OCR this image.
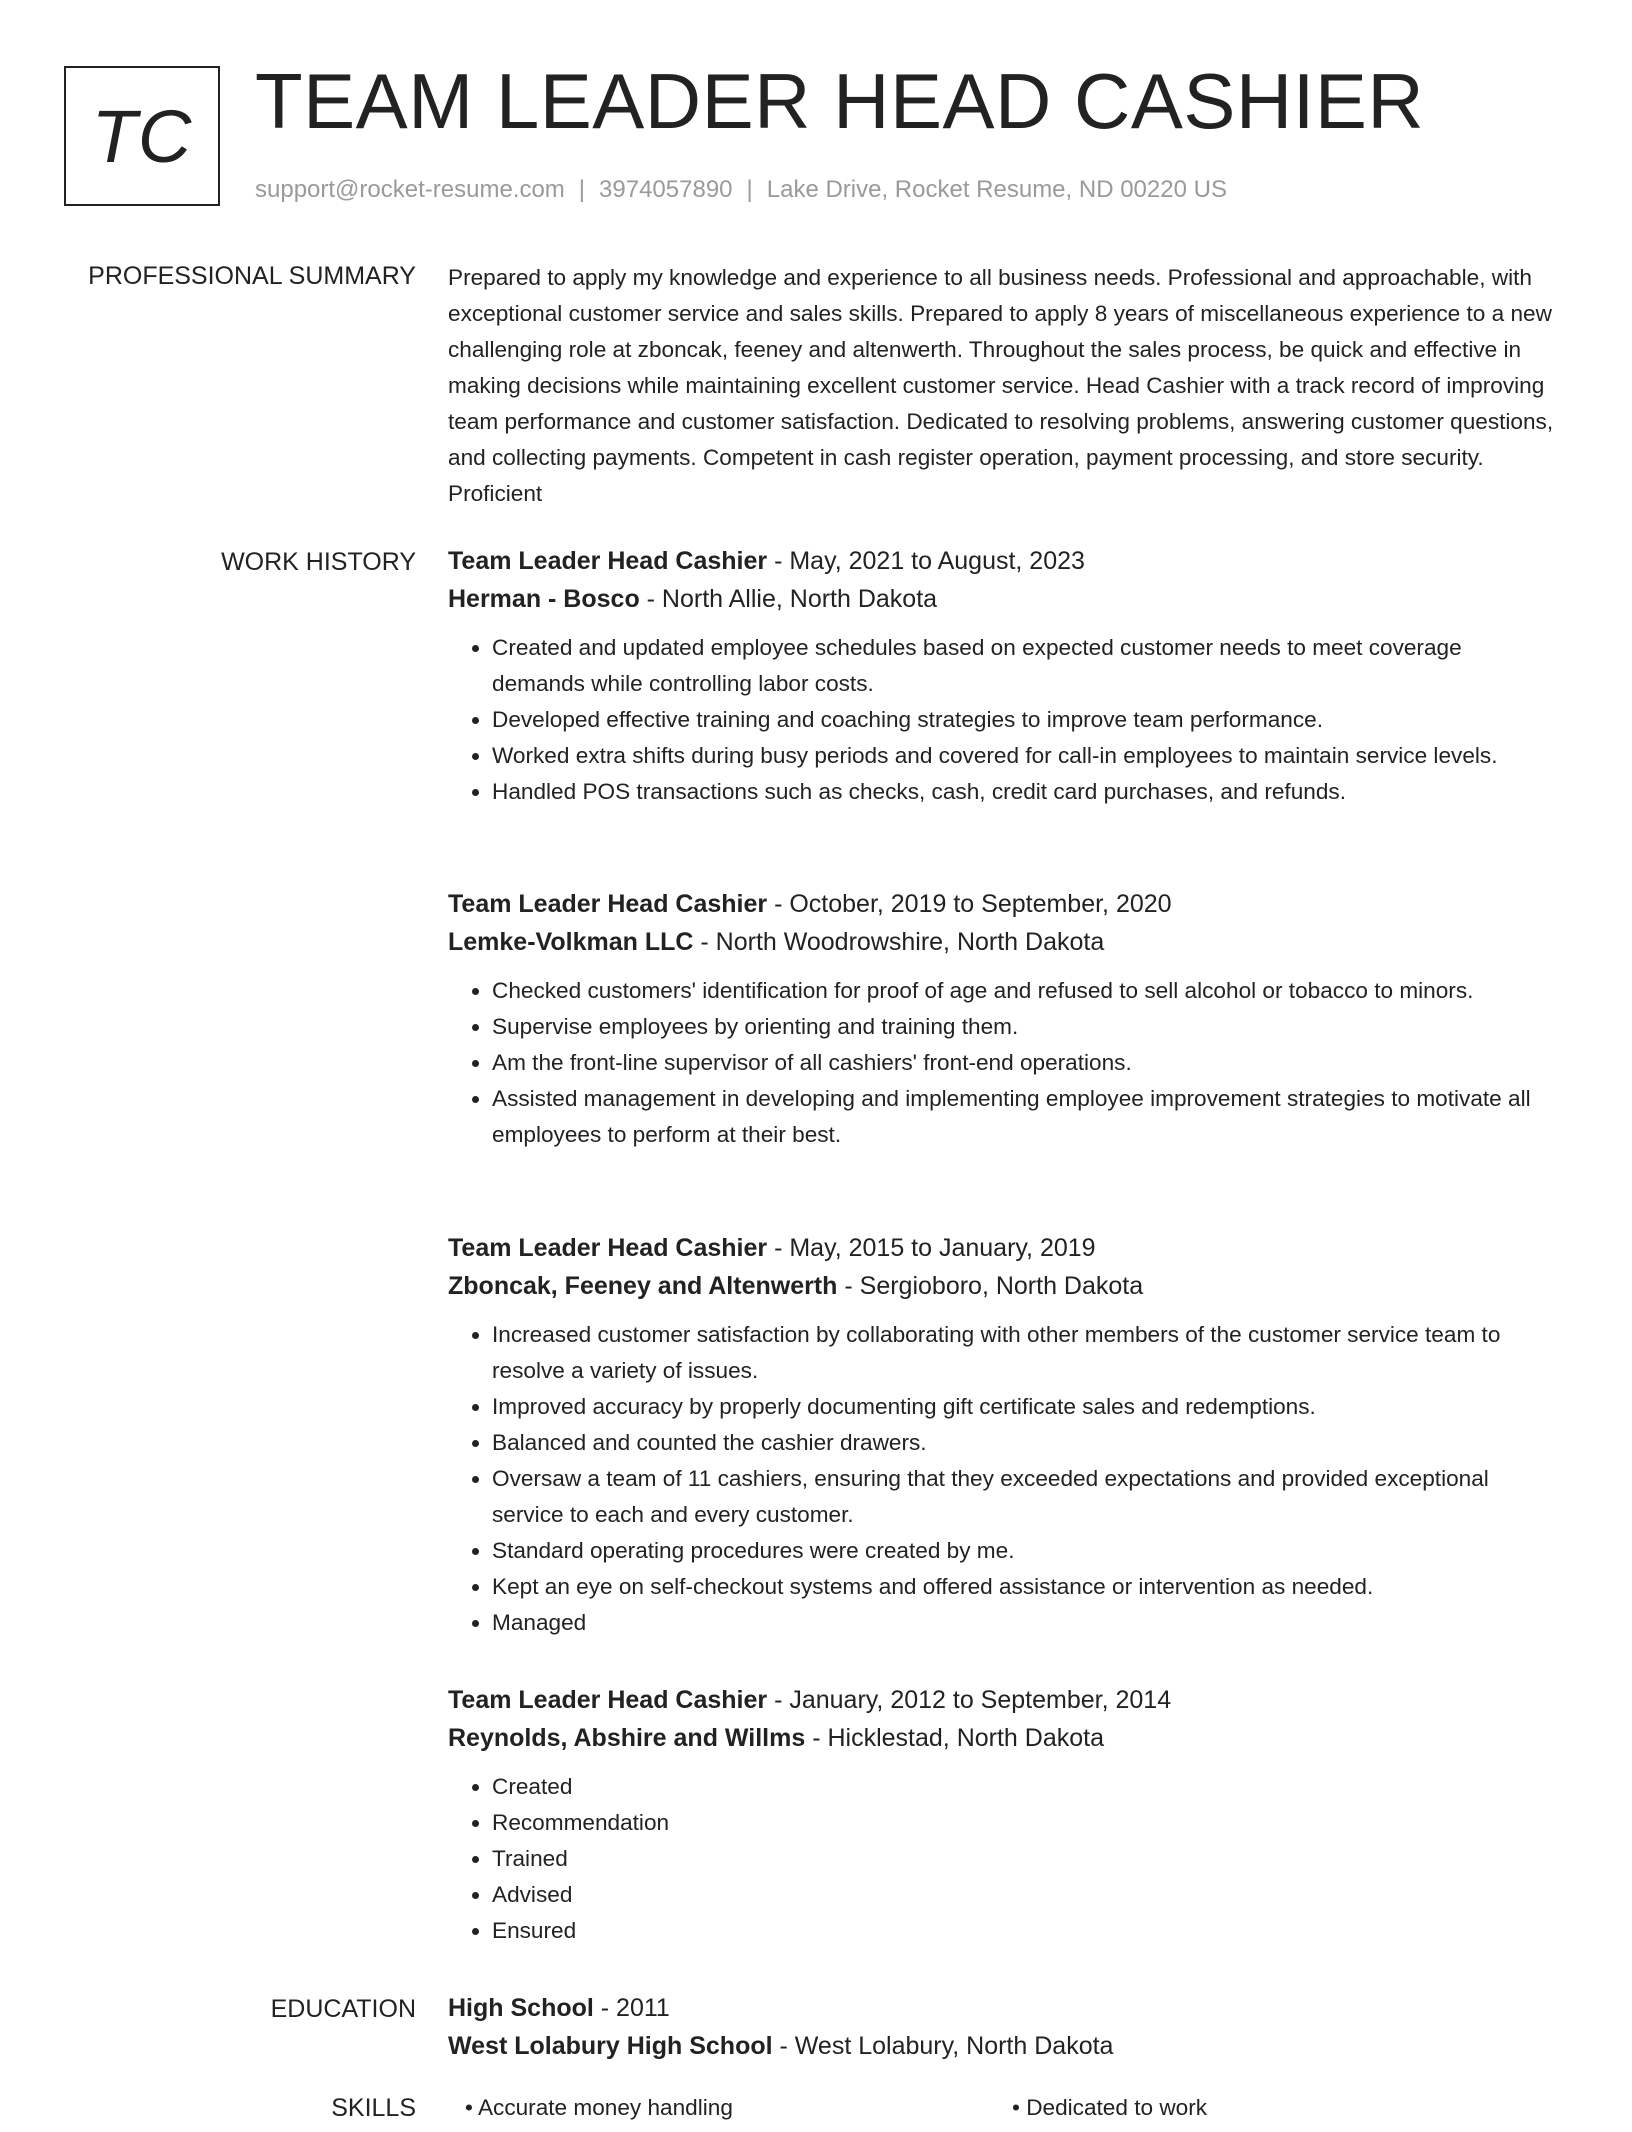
TC TEAM LEADER HEAD CASHIER
support@rocket-resume.com | 3974057890 | Lake Drive, Rocket Resume, ND 00220 US
PROFESSIONAL SUMMARY Prepared to apply my knowledge and experience to all business needs. Professional and approachable, with exceptional customer service and sales skills. Prepared to apply 8 years of miscellaneous experience to a new challenging role at zboncak, feeney and altenwerth. Throughout the sales process, be quick and effective in making decisions while maintaining excellent customer service. Head Cashier with a track record of improving team performance and customer satisfaction. Dedicated to resolving problems, answering customer questions, and collecting payments. Competent in cash register operation, payment processing, and store security. Proficient
WORK HISTORY Team Leader Head Cashier - May, 2021 to August, 2023
Herman - Bosco - North Allie, North Dakota
• Created and updated employee schedules based on expected customer needs to meet coverage demands while controlling labor costs.
• Developed effective training and coaching strategies to improve team performance.
• Worked extra shifts during busy periods and covered for call-in employees to maintain service levels.
• Handled POS transactions such as checks, cash, credit card purchases, and refunds.
Team Leader Head Cashier - October, 2019 to September, 2020
Lemke-Volkman LLC - North Woodrowshire, North Dakota
• Checked customers' identification for proof of age and refused to sell alcohol or tobacco to minors.
• Supervise employees by orienting and training them.
• Am the front-line supervisor of all cashiers' front-end operations.
• Assisted management in developing and implementing employee improvement strategies to motivate all employees to perform at their best.
Team Leader Head Cashier - May, 2015 to January, 2019
Zboncak, Feeney and Altenwerth - Sergioboro, North Dakota
• Increased customer satisfaction by collaborating with other members of the customer service team to resolve a variety of issues.
• Improved accuracy by properly documenting gift certificate sales and redemptions.
• Balanced and counted the cashier drawers.
• Oversaw a team of 11 cashiers, ensuring that they exceeded expectations and provided exceptional service to each and every customer.
• Standard operating procedures were created by me.
• Kept an eye on self-checkout systems and offered assistance or intervention as needed.
• Managed
Team Leader Head Cashier - January, 2012 to September, 2014
Reynolds, Abshire and Willms - Hicklestad, North Dakota
• Created
• Recommendation
• Trained
• Advised
• Ensured
EDUCATION High School - 2011
West Lolabury High School - West Lolabury, North Dakota
SKILLS • Accurate money handling	• Dedicated to work
